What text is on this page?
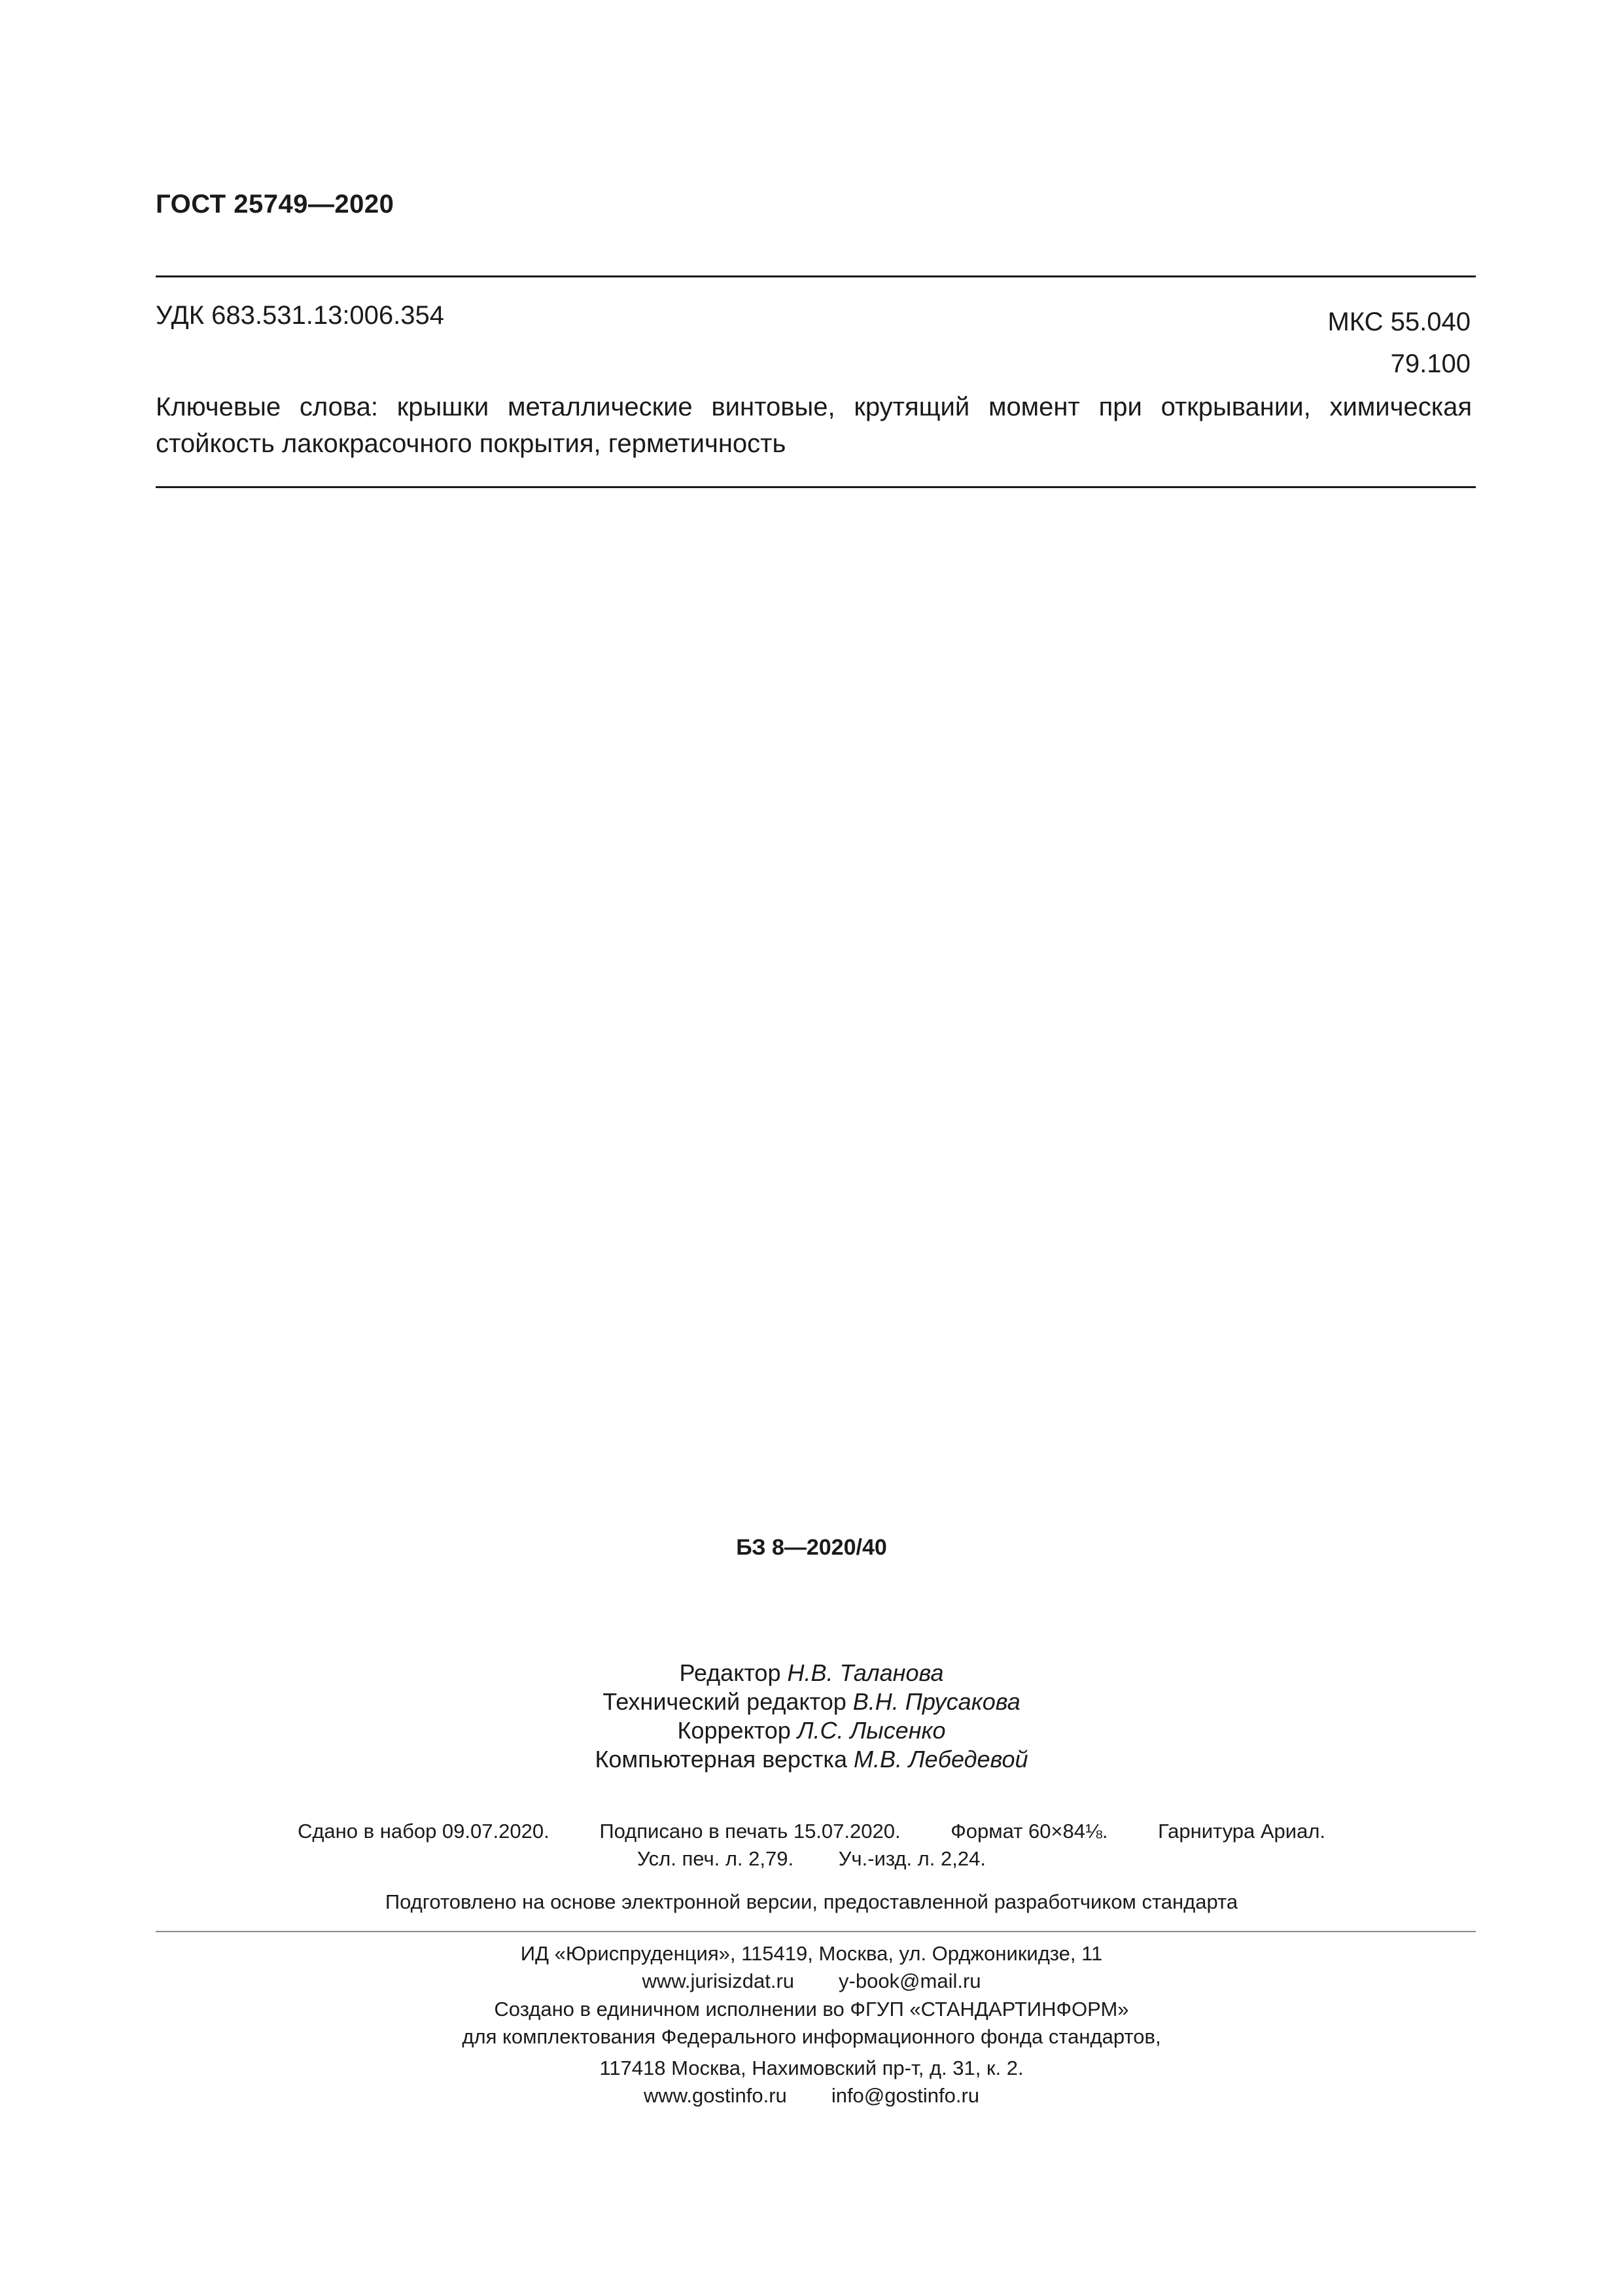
ГОСТ 25749—2020
УДК 683.531.13:006.354	МКС 55.040
79.100
Ключевые слова: крышки металлические винтовые, крутящий момент при открывании, химическая стойкость лакокрасочного покрытия, герметичность
БЗ 8—2020/40
Редактор Н.В. Таланова
Технический редактор В.Н. Прусакова
Корректор Л.С. Лысенко
Компьютерная верстка М.В. Лебедевой
Сдано в набор 09.07.2020. Подписано в печать 15.07.2020. Формат 60×84⅛. Гарнитура Ариал.
Усл. печ. л. 2,79. Уч.-изд. л. 2,24.
Подготовлено на основе электронной версии, предоставленной разработчиком стандарта
ИД «Юриспруденция», 115419, Москва, ул. Орджоникидзе, 11
www.jurisizdat.ru y-book@mail.ru
Создано в единичном исполнении во ФГУП «СТАНДАРТИНФОРМ»
для комплектования Федерального информационного фонда стандартов,
117418 Москва, Нахимовский пр-т, д. 31, к. 2.
www.gostinfo.ru info@gostinfo.ru
